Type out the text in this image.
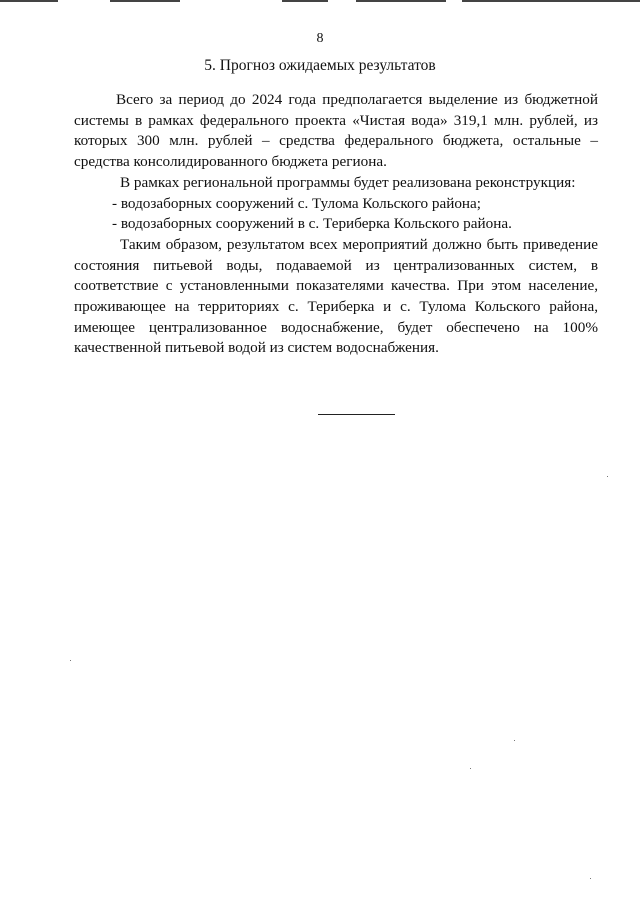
8
5. Прогноз ожидаемых результатов

Всего за период до 2024 года предполагается выделение из бюджетной системы в рамках федерального проекта «Чистая вода» 319,1 млн. рублей, из которых 300 млн. рублей – средства федерального бюджета, остальные – средства консолидированного бюджета региона.

В рамках региональной программы будет реализована реконструкция:

- водозаборных сооружений с. Тулома Кольского района;

- водозаборных сооружений в с. Териберка Кольского района.

Таким образом, результатом всех мероприятий должно быть приведение состояния питьевой воды, подаваемой из централизованных систем, в соответствие с установленными показателями качества. При этом население, проживающее на территориях с. Териберка и с. Тулома Кольского района, имеющее централизованное водоснабжение, будет обеспечено на 100% качественной питьевой водой из систем водоснабжения.
